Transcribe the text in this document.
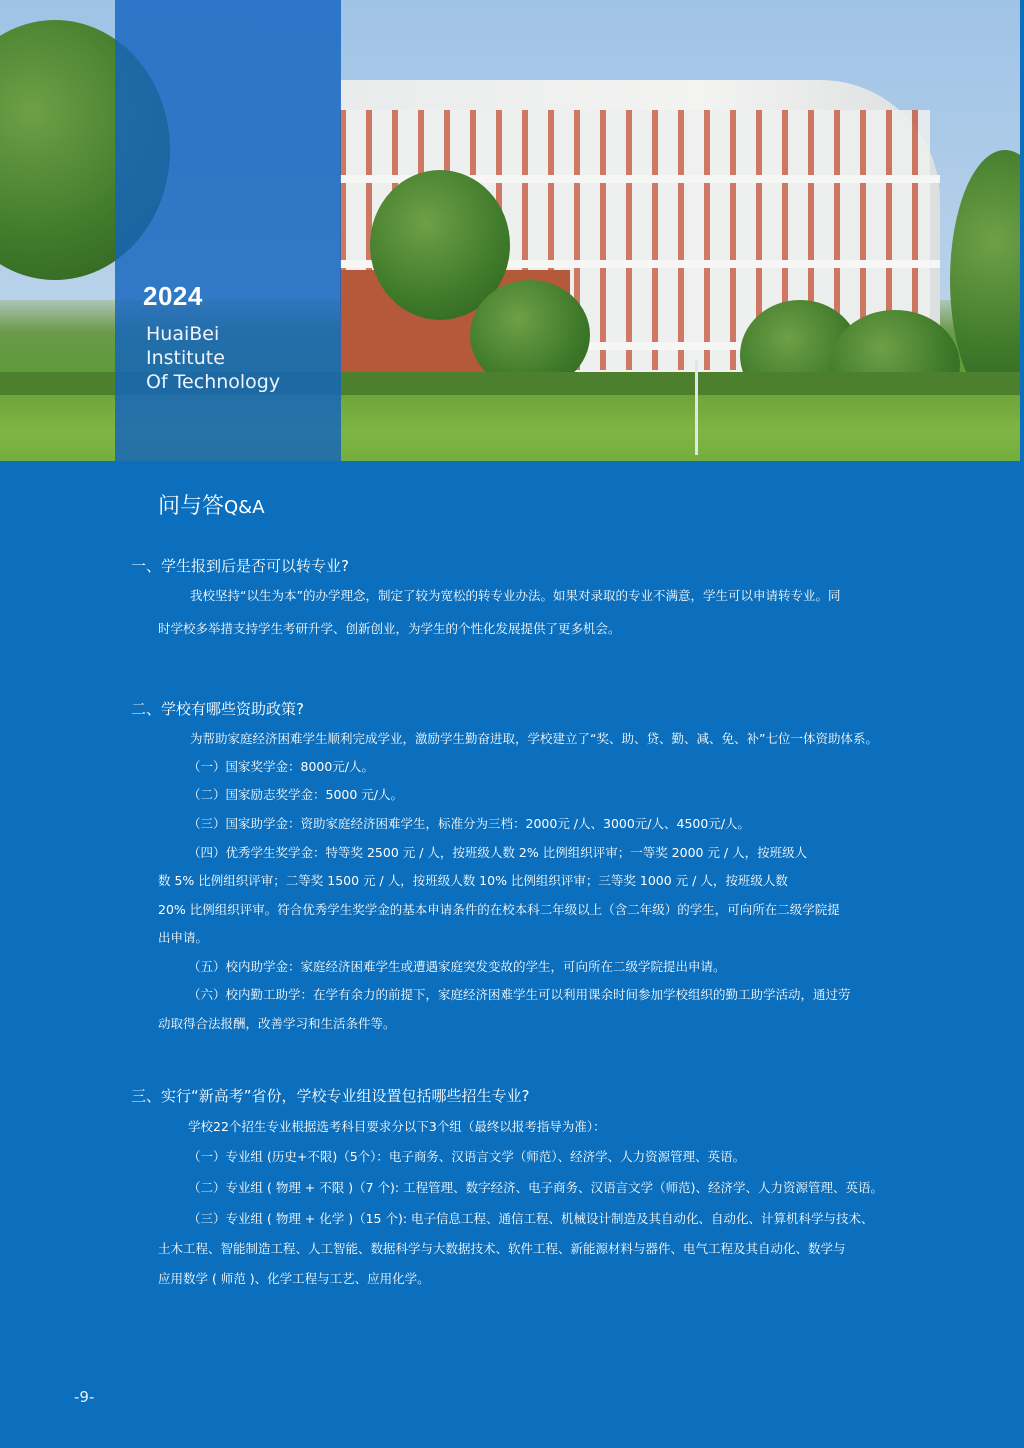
2024
HuaiBei
Institute
Of Technology
问与答Q&A
一、学生报到后是否可以转专业?
我校坚持“以生为本”的办学理念，制定了较为宽松的转专业办法。如果对录取的专业不满意，学生可以申请转专业。同
时学校多举措支持学生考研升学、创新创业，为学生的个性化发展提供了更多机会。
二、学校有哪些资助政策?
为帮助家庭经济困难学生顺利完成学业，激励学生勤奋进取，学校建立了“奖、助、贷、勤、减、免、补”七位一体资助体系。
（一）国家奖学金：8000元/人。
（二）国家励志奖学金：5000 元/人。
（三）国家助学金：资助家庭经济困难学生，标准分为三档：2000元 /人、3000元/人、4500元/人。
（四）优秀学生奖学金：特等奖 2500 元 / 人，按班级人数 2% 比例组织评审；一等奖 2000 元 / 人，按班级人
数 5% 比例组织评审；二等奖 1500 元 / 人，按班级人数 10% 比例组织评审；三等奖 1000 元 / 人，按班级人数
20% 比例组织评审。符合优秀学生奖学金的基本申请条件的在校本科二年级以上（含二年级）的学生，可向所在二级学院提
出申请。
（五）校内助学金：家庭经济困难学生或遭遇家庭突发变故的学生，可向所在二级学院提出申请。
（六）校内勤工助学：在学有余力的前提下，家庭经济困难学生可以利用课余时间参加学校组织的勤工助学活动，通过劳
动取得合法报酬，改善学习和生活条件等。
三、实行“新高考”省份，学校专业组设置包括哪些招生专业?
学校22个招生专业根据选考科目要求分以下3个组（最终以报考指导为准）：
（一）专业组 (历史+不限)（5个）：电子商务、汉语言文学（师范）、经济学、人力资源管理、英语。
（二）专业组 ( 物理 + 不限 )（7 个): 工程管理、数字经济、电子商务、汉语言文学（师范)、经济学、人力资源管理、英语。
（三）专业组 ( 物理 + 化学 )（15 个): 电子信息工程、通信工程、机械设计制造及其自动化、自动化、计算机科学与技术、
土木工程、智能制造工程、人工智能、数据科学与大数据技术、软件工程、新能源材料与器件、电气工程及其自动化、数学与
应用数学 ( 师范 )、化学工程与工艺、应用化学。
-9-
